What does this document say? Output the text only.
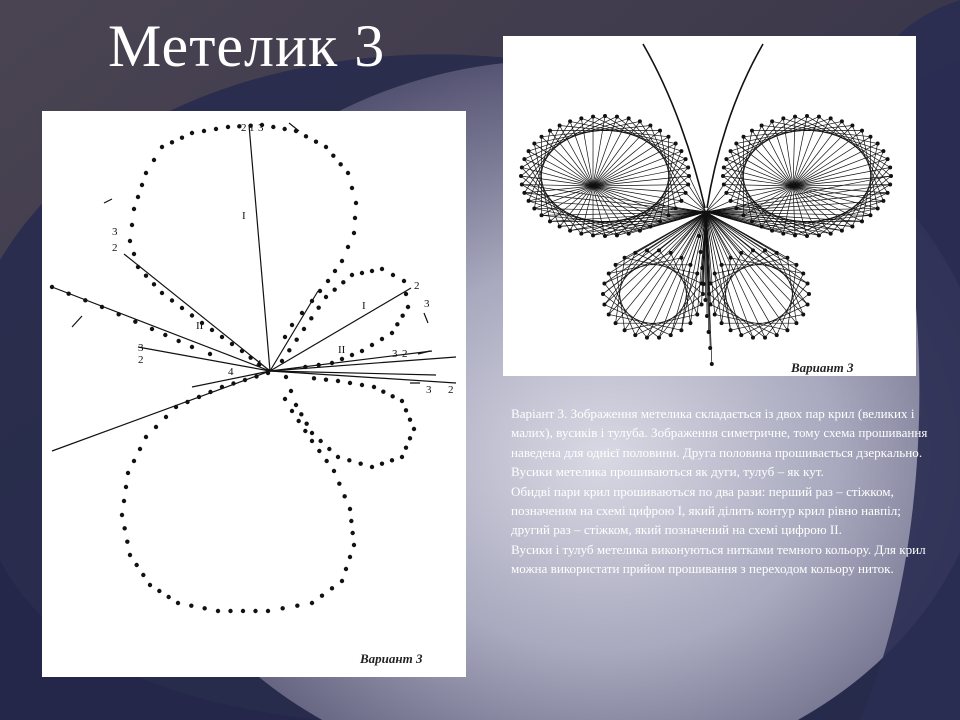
Метелик 3
2 1 3
3
2
I
II
I
2
3
II	3 2
2
3
3
2	4
4
Вариант 3
Вариант 3

Варіант 3. Зображення метелика складається із двох пар крил (великих і малих), вусиків і тулуба. Зображення симетричне, тому схема прошивання наведена для однієї половини. Друга половина прошивається дзеркально.

Вусики метелика прошиваються як дуги, тулуб – як кут.

Обидві пари крил прошиваються по два рази: перший раз – стіжком, позначеним на схемі цифрою І, який ділить контур крил рівно навпіл; другий раз – стіжком, який позначений на схемі цифрою ІІ.

Вусики і тулуб метелика виконуються нитками темного кольору. Для крил можна використати прийом прошивання з переходом кольору ниток.
